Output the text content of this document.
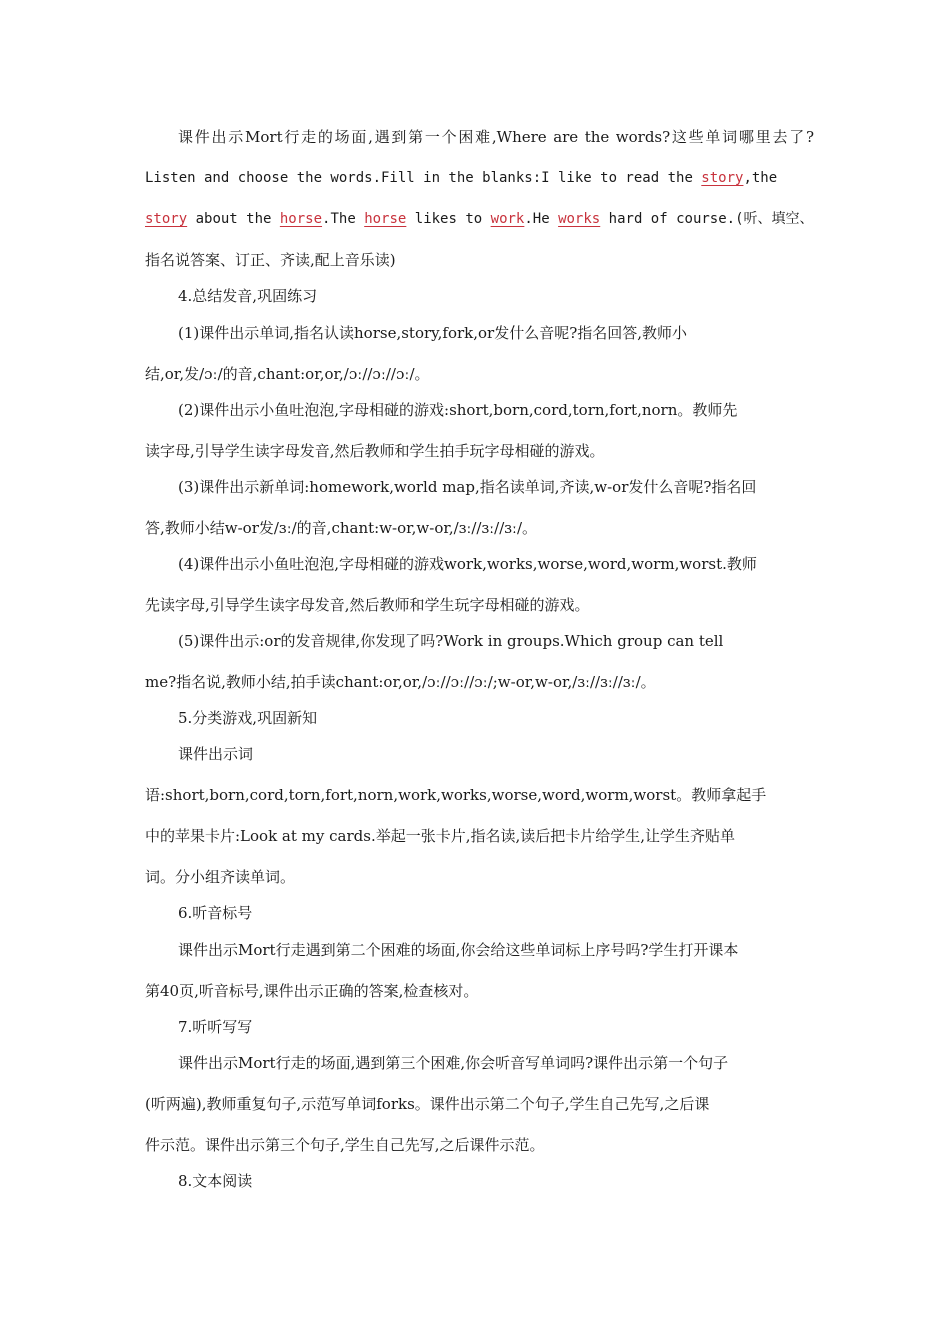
课件出示Mort行走的场面,遇到第一个困难,Where are the words?这些单词哪里去了?
Listen and choose the words.Fill in the blanks:I like to read the story,the
story about the horse.The horse likes to work.He works hard of course.(听、填空、
指名说答案、订正、齐读,配上音乐读)
4.总结发音,巩固练习
(1)课件出示单词,指名认读horse,story,fork,or发什么音呢?指名回答,教师小
结,or,发/ɔː/的音,chant:or,or,/ɔː//ɔː//ɔː/。
(2)课件出示小鱼吐泡泡,字母相碰的游戏:short,born,cord,torn,fort,norn。教师先
读字母,引导学生读字母发音,然后教师和学生拍手玩字母相碰的游戏。
(3)课件出示新单词:homework,world map,指名读单词,齐读,w-or发什么音呢?指名回
答,教师小结w-or发/ɜː/的音,chant:w-or,w-or,/ɜː//ɜː//ɜː/。
(4)课件出示小鱼吐泡泡,字母相碰的游戏work,works,worse,word,worm,worst.教师
先读字母,引导学生读字母发音,然后教师和学生玩字母相碰的游戏。
(5)课件出示:or的发音规律,你发现了吗?Work in groups.Which group can tell
me?指名说,教师小结,拍手读chant:or,or,/ɔː//ɔː//ɔː/;w-or,w-or,/ɜː//ɜː//ɜː/。
5.分类游戏,巩固新知
课件出示词
语:short,born,cord,torn,fort,norn,work,works,worse,word,worm,worst。教师拿起手
中的苹果卡片:Look at my cards.举起一张卡片,指名读,读后把卡片给学生,让学生齐贴单
词。分小组齐读单词。
6.听音标号
课件出示Mort行走遇到第二个困难的场面,你会给这些单词标上序号吗?学生打开课本
第40页,听音标号,课件出示正确的答案,检查核对。
7.听听写写
课件出示Mort行走的场面,遇到第三个困难,你会听音写单词吗?课件出示第一个句子
(听两遍),教师重复句子,示范写单词forks。课件出示第二个句子,学生自己先写,之后课
件示范。课件出示第三个句子,学生自己先写,之后课件示范。
8.文本阅读
